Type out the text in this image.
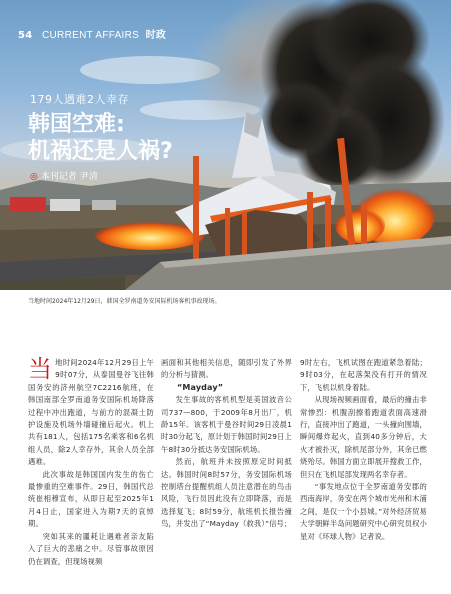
54 CURRENT AFFAIRS 时政
179人遇难2人幸存
韩国空难:
机祸还是人祸?
◎ 本刊记者 尹清
当地时间2024年12月29日，韩国全罗南道务安国际机场客机事故现场。

当地时间2024年12月29日上午9时07分，从泰国曼谷飞往韩国务安的济州航空7C2216航班，在韩国南部全罗南道务安国际机场降落过程中冲出跑道，与前方的混凝土防护设施及机场外墙碰撞后起火。机上共有181人，包括175名乘客和6名机组人员，除2人幸存外，其余人员全部遇难。

此次事故是韩国国内发生的伤亡最惨重的空难事件。29日，韩国代总统崔相穆宣布，从即日起至2025年1月4日止，国家进入为期7天的哀悼期。

突如其来的噩耗让遇难者亲友陷入了巨大的悲痛之中。尽管事故原因仍在调查，但现场视频

画面和其他相关信息，随即引发了外界的分析与猜测。

“Mayday”

发生事故的客机机型是美国波音公司737—800，于2009年8月出厂，机龄15年。该客机于曼谷时间29日凌晨1时30分起飞，原计划于韩国时间29日上午8时30分抵达务安国际机场。

然而，航班并未按照原定时间抵达。韩国时间8时57分，务安国际机场控制塔台提醒机组人员注意潜在的鸟击风险，飞行员因此没有立即降落，而是选择复飞；8时59分，航班机长报告撞鸟，并发出了“Mayday（救我）”信号；

9时左右，飞机试图在跑道紧急着陆；9时03分，在起落架没有打开的情况下，飞机以机身着陆。

从现场视频画面看，最后的撞击非常惨烈：机腹刮擦着跑道表面高速滑行，直接冲出了跑道，一头撞向围墙，瞬间爆炸起火，直到40多分钟后，大火才被扑灭，除机尾部分外，其余已燃烧殆尽。韩国方面立即展开搜救工作，但只在飞机尾部发现两名幸存者。

“事发地点位于全罗南道务安郡的西南海岸，务安在两个城市光州和木浦之间，是仅一个小县城。”对外经济贸易大学朝鲜半岛问题研究中心研究员权小星对《环球人物》记者说。
